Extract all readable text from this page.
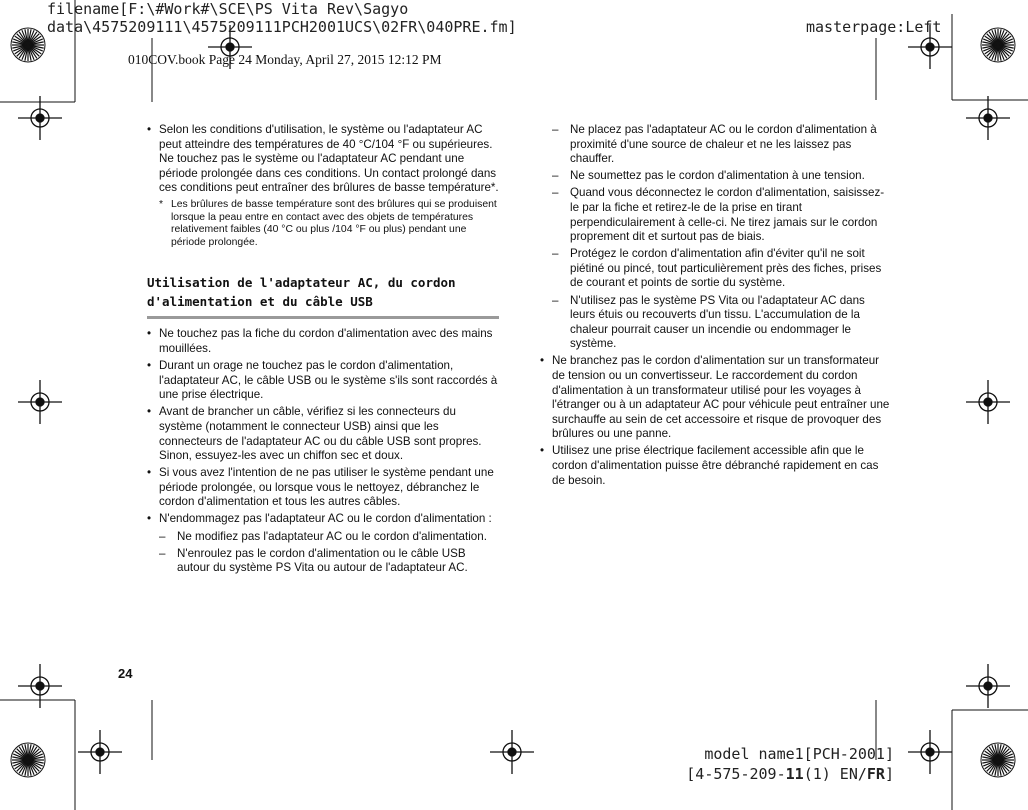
filename[F:\#Work#\SCE\PS Vita Rev\Sagyo
data\4575209111\4575209111PCH2001UCS\02FR\040PRE.fm]	masterpage:Left
010COV.book Page 24 Monday, April 27, 2015 12:12 PM
• Selon les conditions d'utilisation, le système ou l'adaptateur AC peut atteindre des températures de 40 °C/104 °F ou supérieures. Ne touchez pas le système ou l'adaptateur AC pendant une période prolongée dans ces conditions. Un contact prolongé dans ces conditions peut entraîner des brûlures de basse température*.
* Les brûlures de basse température sont des brûlures qui se produisent lorsque la peau entre en contact avec des objets de températures relativement faibles (40 °C ou plus /104 °F ou plus) pendant une période prolongée.
Utilisation de l'adaptateur AC, du cordon
d'alimentation et du câble USB
• Ne touchez pas la fiche du cordon d'alimentation avec des mains mouillées.
• Durant un orage ne touchez pas le cordon d'alimentation, l'adaptateur AC, le câble USB ou le système s'ils sont raccordés à une prise électrique.
• Avant de brancher un câble, vérifiez si les connecteurs du système (notamment le connecteur USB) ainsi que les connecteurs de l'adaptateur AC ou du câble USB sont propres. Sinon, essuyez-les avec un chiffon sec et doux.
• Si vous avez l'intention de ne pas utiliser le système pendant une période prolongée, ou lorsque vous le nettoyez, débranchez le cordon d'alimentation et tous les autres câbles.
• N'endommagez pas l'adaptateur AC ou le cordon d'alimentation :
– Ne modifiez pas l'adaptateur AC ou le cordon d'alimentation.
– N'enroulez pas le cordon d'alimentation ou le câble USB autour du système PS Vita ou autour de l'adaptateur AC.
– Ne placez pas l'adaptateur AC ou le cordon d'alimentation à proximité d'une source de chaleur et ne les laissez pas chauffer.
– Ne soumettez pas le cordon d'alimentation à une tension.
– Quand vous déconnectez le cordon d'alimentation, saisissez-le par la fiche et retirez-le de la prise en tirant perpendiculairement à celle-ci. Ne tirez jamais sur le cordon proprement dit et surtout pas de biais.
– Protégez le cordon d'alimentation afin d'éviter qu'il ne soit piétiné ou pincé, tout particulièrement près des fiches, prises de courant et points de sortie du système.
– N'utilisez pas le système PS Vita ou l'adaptateur AC dans leurs étuis ou recouverts d'un tissu. L'accumulation de la chaleur pourrait causer un incendie ou endommager le système.
• Ne branchez pas le cordon d'alimentation sur un transformateur de tension ou un convertisseur. Le raccordement du cordon d'alimentation à un transformateur utilisé pour les voyages à l'étranger ou à un adaptateur AC pour véhicule peut entraîner une surchauffe au sein de cet accessoire et risque de provoquer des brûlures ou une panne.
• Utilisez une prise électrique facilement accessible afin que le cordon d'alimentation puisse être débranché rapidement en cas de besoin.
24
model name1[PCH-2001]
[4-575-209-11(1) EN/FR]
